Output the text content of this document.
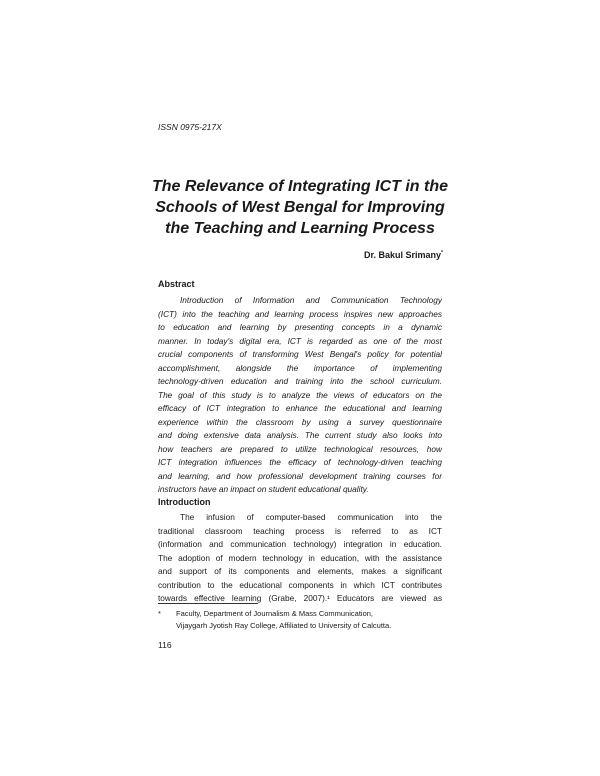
ISSN 0975-217X
The Relevance of Integrating ICT in the
Schools of West Bengal for Improving
the Teaching and Learning Process
Dr. Bakul Srimany*
Abstract
Introduction of Information and Communication Technology
(ICT) into the teaching and learning process inspires new approaches
to education and learning by presenting concepts in a dynamic
manner. In today's digital era, ICT is regarded as one of the most
crucial components of transforming West Bengal's policy for potential
accomplishment, alongside the importance of implementing
technology-driven education and training into the school curriculum.
The goal of this study is to analyze the views of educators on the
efficacy of ICT integration to enhance the educational and learning
experience within the classroom by using a survey questionnaire
and doing extensive data analysis. The current study also looks into
how teachers are prepared to utilize technological resources, how
ICT integration influences the efficacy of technology-driven teaching
and learning, and how professional development training courses for
instructors have an impact on student educational quality.
Introduction
The infusion of computer-based communication into the
traditional classroom teaching process is referred to as ICT
(information and communication technology) integration in education.
The adoption of modern technology in education, with the assistance
and support of its components and elements, makes a significant
contribution to the educational components in which ICT contributes
towards effective learning (Grabe, 2007).¹ Educators are viewed as
* Faculty, Department of Journalism & Mass Communication,
Vijaygarh Jyotish Ray College, Affiliated to University of Calcutta.
116
